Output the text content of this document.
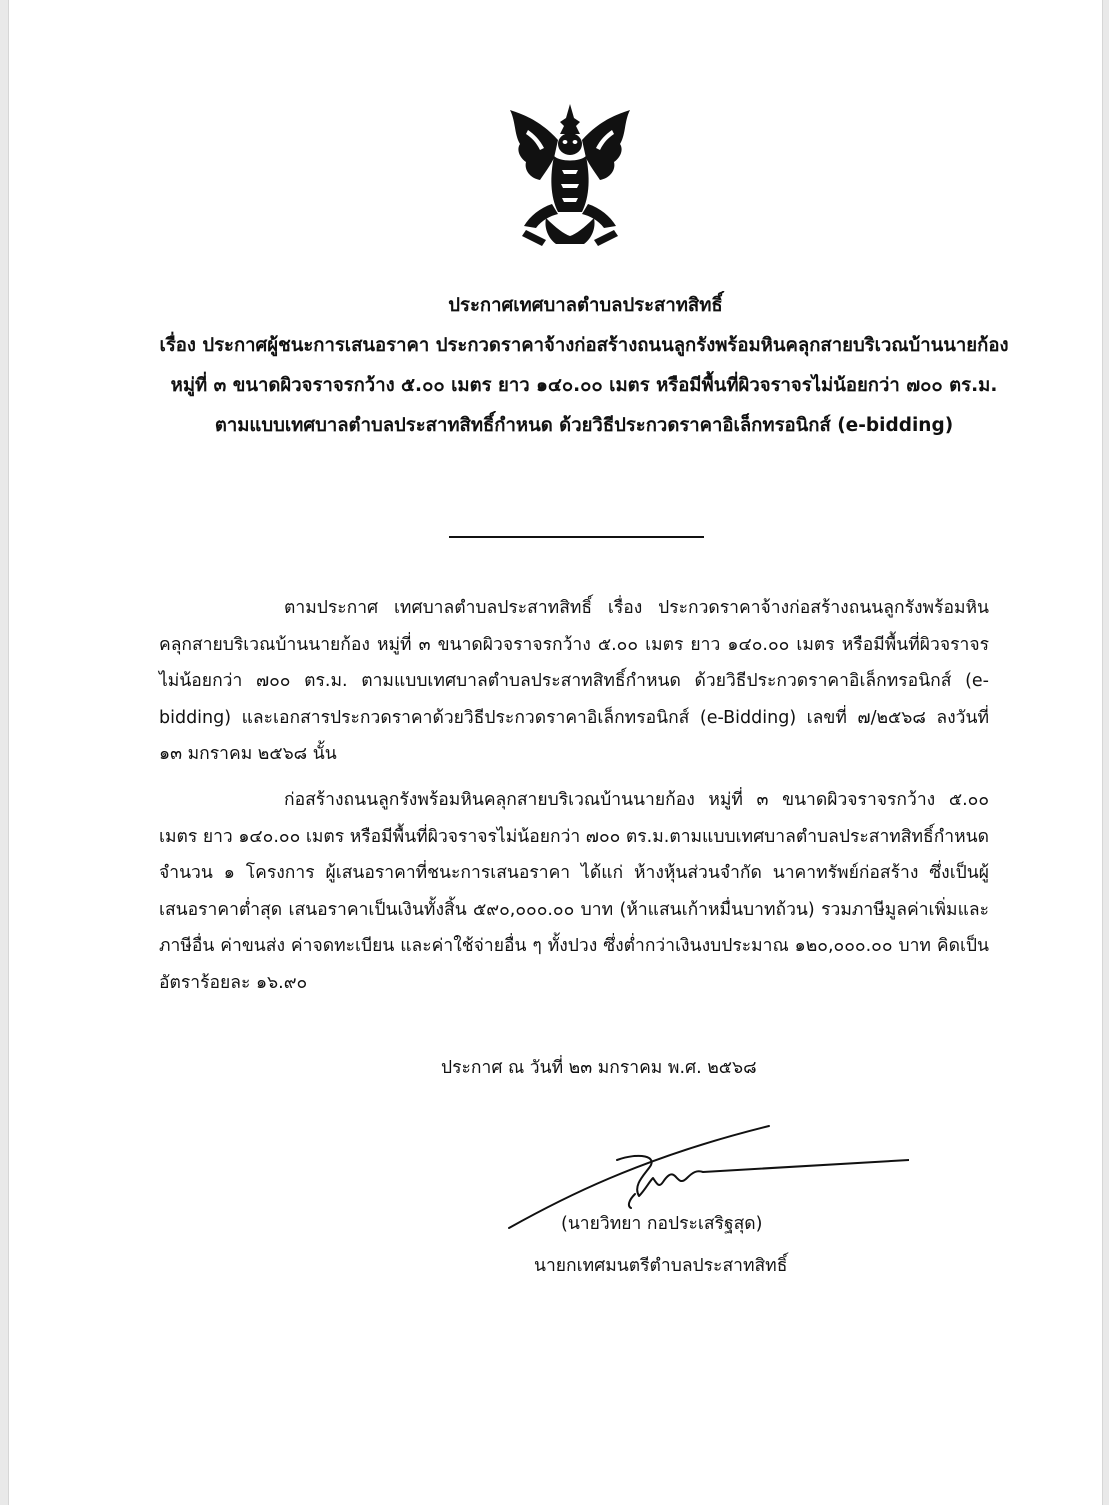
ประกาศเทศบาลตำบลประสาทสิทธิ์

เรื่อง ประกาศผู้ชนะการเสนอราคา ประกวดราคาจ้างก่อสร้างถนนลูกรังพร้อมหินคลุกสายบริเวณบ้านนายก้อง หมู่ที่ ๓ ขนาดผิวจราจรกว้าง ๕.๐๐ เมตร ยาว ๑๔๐.๐๐ เมตร หรือมีพื้นที่ผิวจราจรไม่น้อยกว่า ๗๐๐ ตร.ม. ตามแบบเทศบาลตำบลประสาทสิทธิ์กำหนด ด้วยวิธีประกวดราคาอิเล็กทรอนิกส์ (e-bidding)

ตามประกาศ เทศบาลตำบลประสาทสิทธิ์ เรื่อง ประกวดราคาจ้างก่อสร้างถนนลูกรังพร้อมหินคลุกสายบริเวณบ้านนายก้อง หมู่ที่ ๓ ขนาดผิวจราจรกว้าง ๕.๐๐ เมตร ยาว ๑๔๐.๐๐ เมตร หรือมีพื้นที่ผิวจราจรไม่น้อยกว่า ๗๐๐ ตร.ม. ตามแบบเทศบาลตำบลประสาทสิทธิ์กำหนด ด้วยวิธีประกวดราคาอิเล็กทรอนิกส์ (e-bidding) และเอกสารประกวดราคาด้วยวิธีประกวดราคาอิเล็กทรอนิกส์ (e-Bidding) เลขที่ ๗/๒๕๖๘ ลงวันที่ ๑๓ มกราคม ๒๕๖๘ นั้น

ก่อสร้างถนนลูกรังพร้อมหินคลุกสายบริเวณบ้านนายก้อง หมู่ที่ ๓ ขนาดผิวจราจรกว้าง ๕.๐๐ เมตร ยาว ๑๔๐.๐๐ เมตร หรือมีพื้นที่ผิวจราจรไม่น้อยกว่า ๗๐๐ ตร.ม.ตามแบบเทศบาลตำบลประสาทสิทธิ์กำหนด จำนวน ๑ โครงการ ผู้เสนอราคาที่ชนะการเสนอราคา ได้แก่ ห้างหุ้นส่วนจำกัด นาคาทรัพย์ก่อสร้าง ซึ่งเป็นผู้เสนอราคาต่ำสุด เสนอราคาเป็นเงินทั้งสิ้น ๕๙๐,๐๐๐.๐๐ บาท (ห้าแสนเก้าหมื่นบาทถ้วน) รวมภาษีมูลค่าเพิ่มและภาษีอื่น ค่าขนส่ง ค่าจดทะเบียน และค่าใช้จ่ายอื่น ๆ ทั้งปวง ซึ่งต่ำกว่าเงินงบประมาณ ๑๒๐,๐๐๐.๐๐ บาท คิดเป็นอัตราร้อยละ ๑๖.๙๐

ประกาศ ณ วันที่ ๒๓ มกราคม พ.ศ. ๒๕๖๘
(นายวิทยา กอประเสริฐสุด)
นายกเทศมนตรีตำบลประสาทสิทธิ์
